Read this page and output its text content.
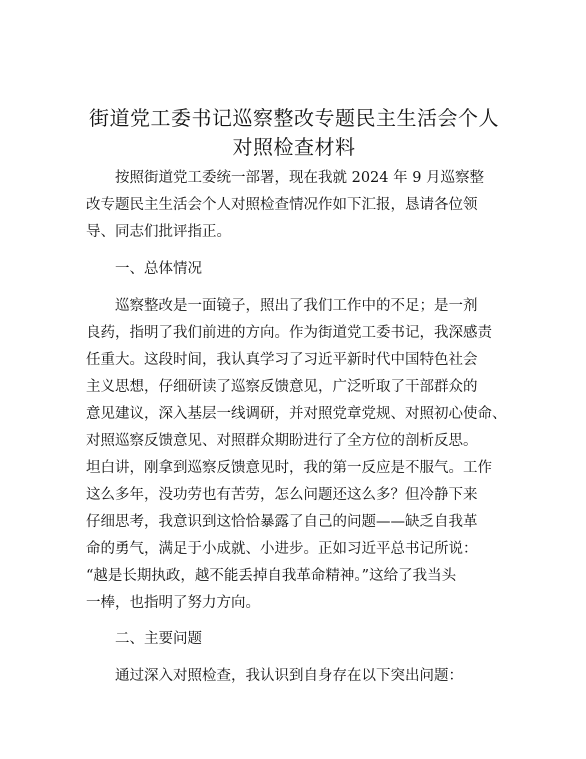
街道党工委书记巡察整改专题民主生活会个人
对照检查材料
按照街道党工委统一部署，现在我就 2024 年 9 月巡察整
改专题民主生活会个人对照检查情况作如下汇报，恳请各位领
导、同志们批评指正。
一、总体情况
巡察整改是一面镜子，照出了我们工作中的不足；是一剂
良药，指明了我们前进的方向。作为街道党工委书记，我深感责
任重大。这段时间，我认真学习了习近平新时代中国特色社会
主义思想，仔细研读了巡察反馈意见，广泛听取了干部群众的
意见建议，深入基层一线调研，并对照党章党规、对照初心使命、
对照巡察反馈意见、对照群众期盼进行了全方位的剖析反思。
坦白讲，刚拿到巡察反馈意见时，我的第一反应是不服气。工作
这么多年，没功劳也有苦劳，怎么问题还这么多？但冷静下来
仔细思考，我意识到这恰恰暴露了自己的问题——缺乏自我革
命的勇气，满足于小成就、小进步。正如习近平总书记所说：
“越是长期执政，越不能丢掉自我革命精神。”这给了我当头
一棒，也指明了努力方向。
二、主要问题
通过深入对照检查，我认识到自身存在以下突出问题：
